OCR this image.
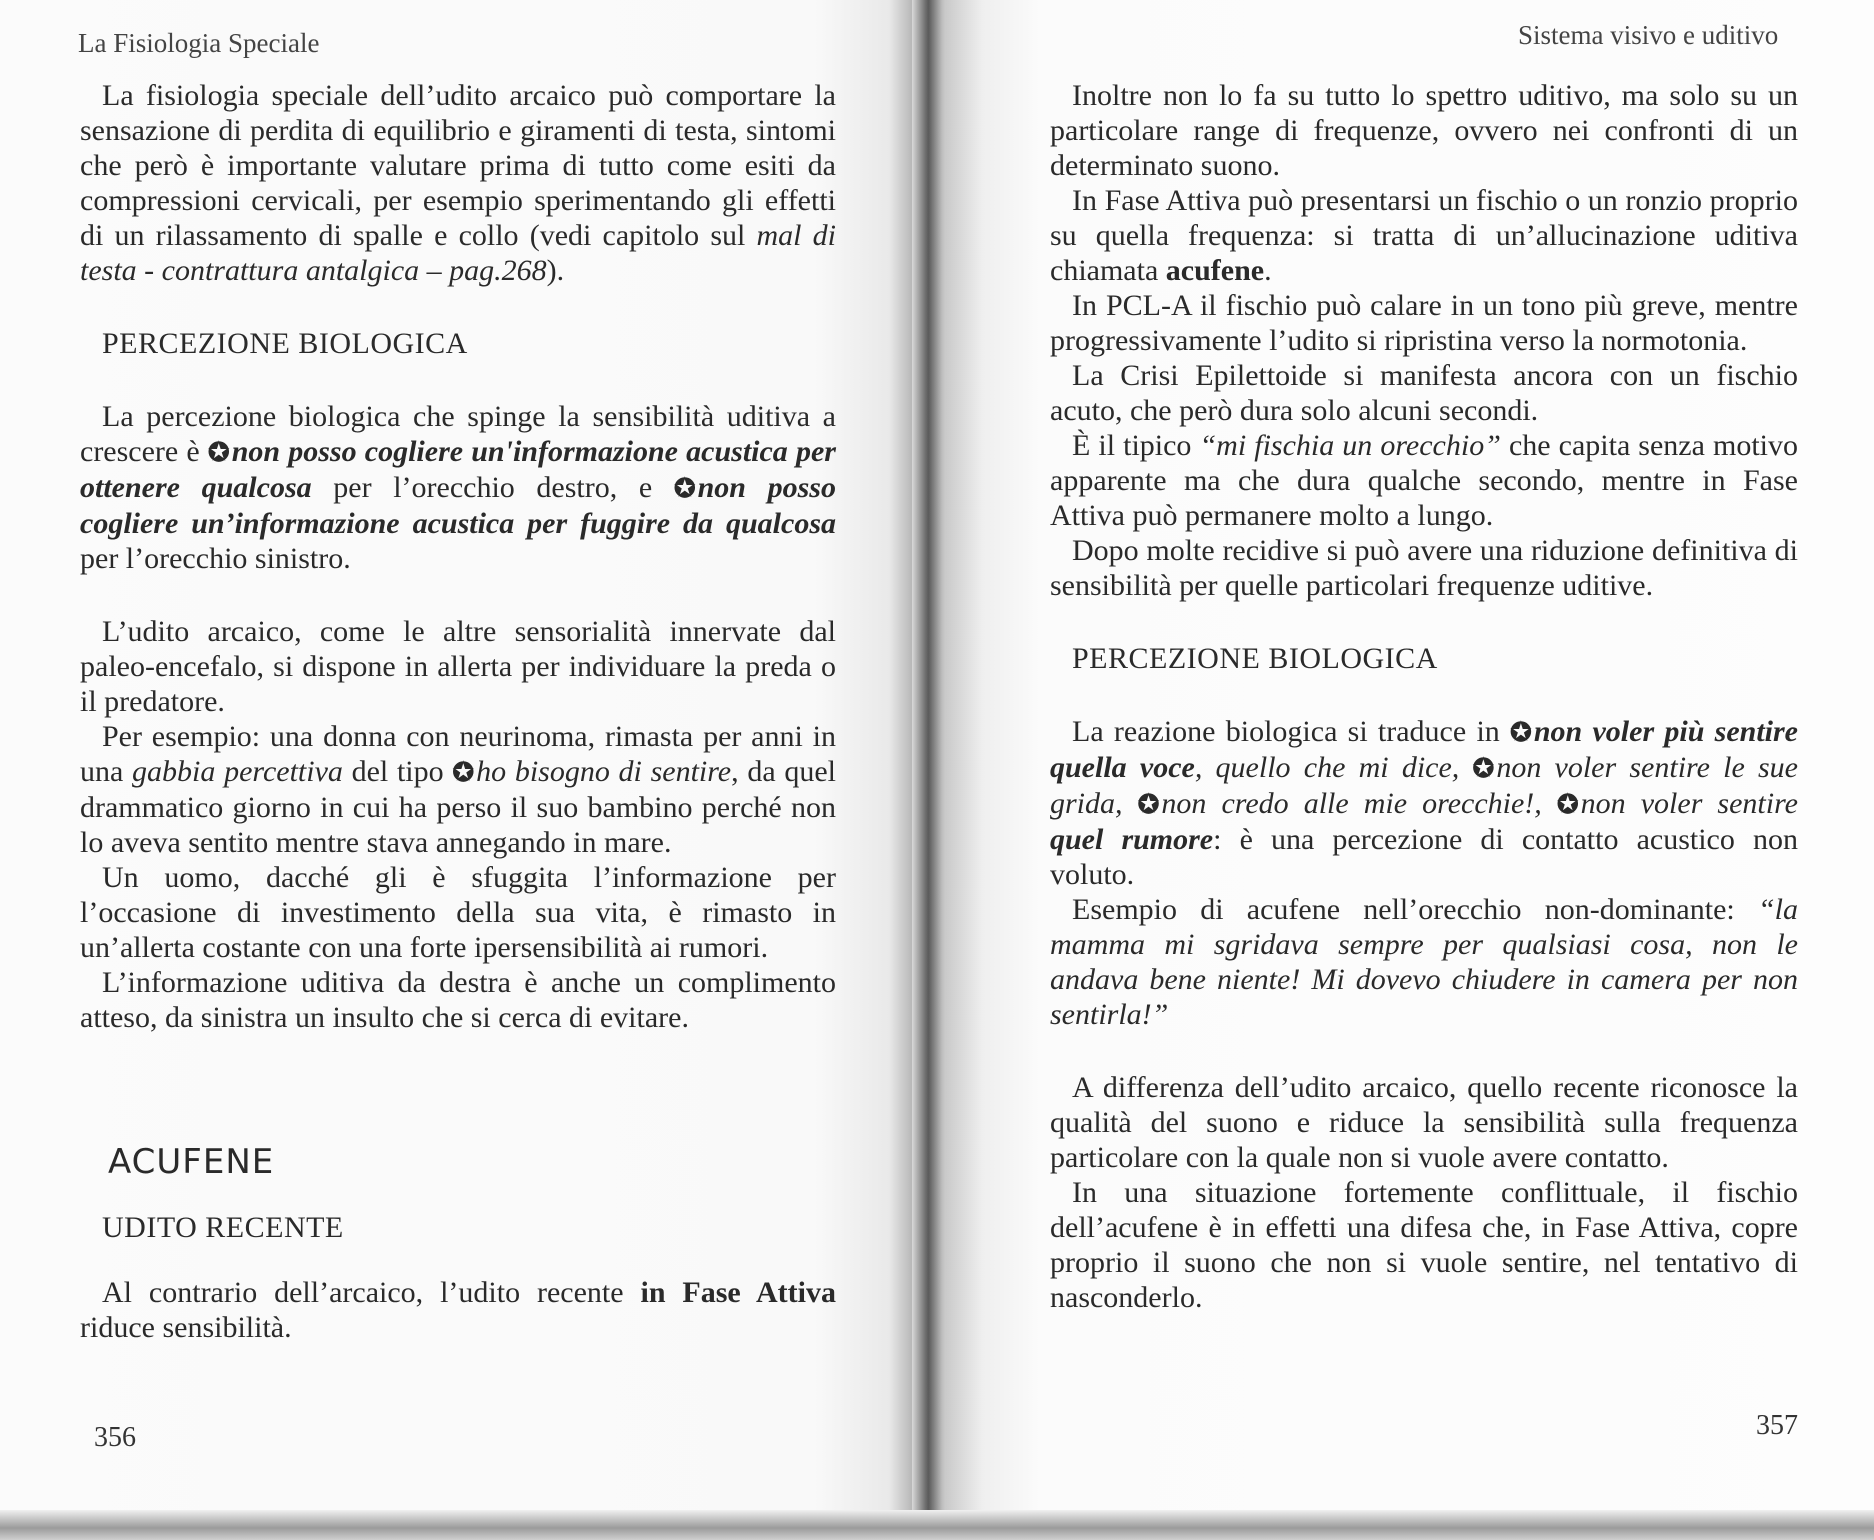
La Fisiologia Speciale

La fisiologia speciale dell’udito arcaico può comportare la sensazione di perdita di equilibrio e giramenti di testa, sintomi che però è importante valutare prima di tutto come esiti da compressioni cervicali, per esempio sperimentando gli effetti di un rilassamento di spalle e collo (vedi capitolo sul mal di testa - contrattura antalgica – pag.268).

PERCEZIONE BIOLOGICA

La percezione biologica che spinge la sensibilità uditiva a crescere è ✪non posso cogliere un'informazione acustica per ottenere qualcosa per l’orecchio destro, e ✪non posso cogliere un’informazione acustica per fuggire da qualcosa per l’orecchio sinistro.

L’udito arcaico, come le altre sensorialità innervate dal paleo-encefalo, si dispone in allerta per individuare la preda o il predatore.

Per esempio: una donna con neurinoma, rimasta per anni in una gabbia percettiva del tipo ✪ho bisogno di sentire, da quel drammatico giorno in cui ha perso il suo bambino perché non lo aveva sentito mentre stava annegando in mare.

Un uomo, dacché gli è sfuggita l’informazione per l’occasione di investimento della sua vita, è rimasto in un’allerta costante con una forte ipersensibilità ai rumori.

L’informazione uditiva da destra è anche un complimento atteso, da sinistra un insulto che si cerca di evitare.

ACUFENE
UDITO RECENTE

Al contrario dell’arcaico, l’udito recente in Fase Attiva riduce sensibilità.

356
Sistema visivo e uditivo

Inoltre non lo fa su tutto lo spettro uditivo, ma solo su un particolare range di frequenze, ovvero nei confronti di un determinato suono.

In Fase Attiva può presentarsi un fischio o un ronzio proprio su quella frequenza: si tratta di un’allucinazione uditiva chiamata acufene.

In PCL-A il fischio può calare in un tono più greve, mentre progressivamente l’udito si ripristina verso la normotonia.

La Crisi Epilettoide si manifesta ancora con un fischio acuto, che però dura solo alcuni secondi.

È il tipico “mi fischia un orecchio” che capita senza motivo apparente ma che dura qualche secondo, mentre in Fase Attiva può permanere molto a lungo.

Dopo molte recidive si può avere una riduzione definitiva di sensibilità per quelle particolari frequenze uditive.

PERCEZIONE BIOLOGICA

La reazione biologica si traduce in ✪non voler più sentire quella voce, quello che mi dice, ✪non voler sentire le sue grida, ✪non credo alle mie orecchie!, ✪non voler sentire quel rumore: è una percezione di contatto acustico non voluto.

Esempio di acufene nell’orecchio non-dominante: “la mamma mi sgridava sempre per qualsiasi cosa, non le andava bene niente! Mi dovevo chiudere in camera per non sentirla!”

A differenza dell’udito arcaico, quello recente riconosce la qualità del suono e riduce la sensibilità sulla frequenza particolare con la quale non si vuole avere contatto.

In una situazione fortemente conflittuale, il fischio dell’acufene è in effetti una difesa che, in Fase Attiva, copre proprio il suono che non si vuole sentire, nel tentativo di nasconderlo.

357
